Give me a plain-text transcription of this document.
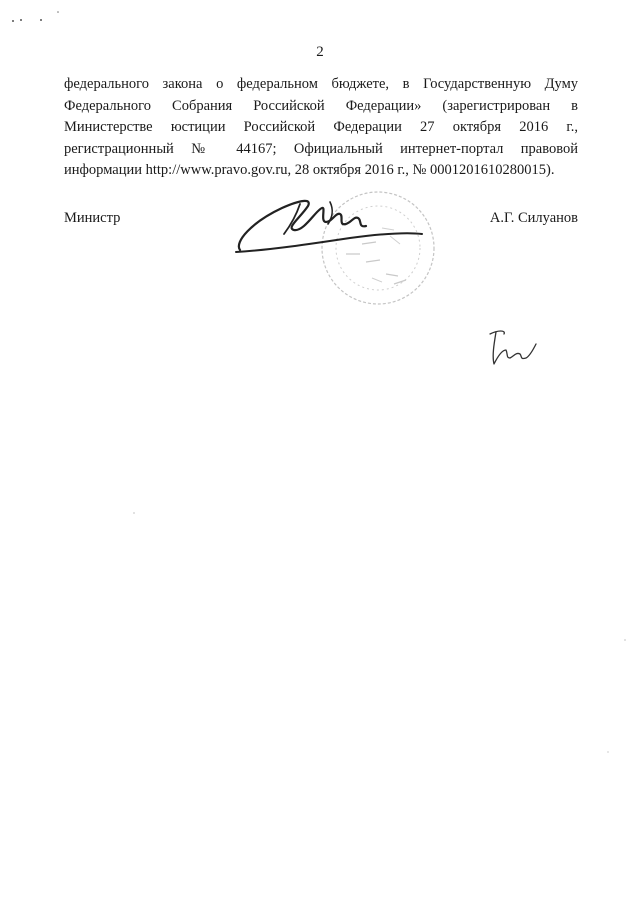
2
федерального закона о федеральном бюджете, в Государственную Думу
Федерального Собрания Российской Федерации» (зарегистрирован в
Министерстве юстиции Российской Федерации 27 октября 2016 г.,
регистрационный № 44167; Официальный интернет-портал правовой
информации http://www.pravo.gov.ru, 28 октября 2016 г., № 0001201610280015).
Министр	А.Г. Силуанов
